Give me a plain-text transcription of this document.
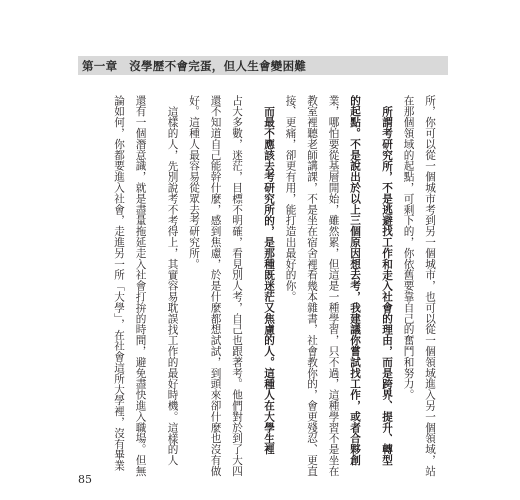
第一章　沒學歷不會完蛋，但人生會變困難
所，你可以從一個城市考到另一個城市，也可以從一個領域進入另一個領域，站
在那個領域的起點，可剩下的，你依舊要靠自己的奮鬥和努力。
所謂考研究所，不是逃避找工作和走入社會的理由，而是跨界、提升、轉型
的起點。不是說出於以上三個原因想去考，我建議你嘗試找工作，或者合夥創
業，哪怕要從基層開始，雖然累，但這是一種學習，只不過，這種學習不是坐在
教室裡聽老師講課，不是坐在宿舍裡看幾本雜書，社會教你的，會更殘忍、更直
接、更痛，卻更有用，能打造出最好的你。
而最不應該去考研究所的，是那種既迷茫又焦慮的人。這種人在大學生裡
占大多數，迷茫，目標不明確，看見別人考，自己也跟著考。他們對於到了大四
還不知道自己能幹什麼，感到焦慮，於是什麼都想試試，到頭來卻什麼也沒有做
好。這種人最容易從眾去考研究所。
這樣的人，先別說考不考得上，其實容易耽誤找工作的最好時機。這樣的人
還有一個潛意識，就是盡量拖延走入社會打拚的時間，避免盡快進入職場。但無
論如何，你都要進入社會，走進另一所「大學」，在社會這所大學裡，沒有畢業
85
